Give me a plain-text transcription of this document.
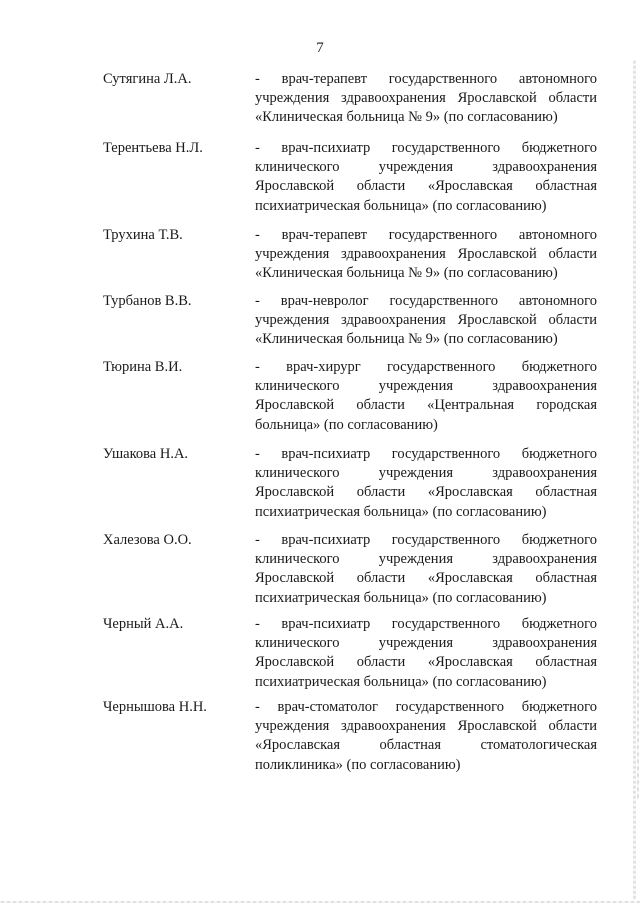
7
Сутягина Л.А.	- врач-терапевт государственного автономного учреждения здравоохранения Ярославской области «Клиническая больница № 9» (по согласованию)
Терентьева Н.Л.	- врач-психиатр государственного бюджетного клинического учреждения здравоохранения Ярославской области «Ярославская областная психиатрическая больница» (по согласованию)
Трухина Т.В.	- врач-терапевт государственного автономного учреждения здравоохранения Ярославской области «Клиническая больница № 9» (по согласованию)
Турбанов В.В.	- врач-невролог государственного автономного учреждения здравоохранения Ярославской области «Клиническая больница № 9» (по согласованию)
Тюрина В.И.	- врач-хирург государственного бюджетного клинического учреждения здравоохранения Ярославской области «Центральная городская больница» (по согласованию)
Ушакова Н.А.	- врач-психиатр государственного бюджетного клинического учреждения здравоохранения Ярославской области «Ярославская областная психиатрическая больница» (по согласованию)
Халезова О.О.	- врач-психиатр государственного бюджетного клинического учреждения здравоохранения Ярославской области «Ярославская областная психиатрическая больница» (по согласованию)
Черный А.А.	- врач-психиатр государственного бюджетного клинического учреждения здравоохранения Ярославской области «Ярославская областная психиатрическая больница» (по согласованию)
Чернышова Н.Н.	- врач-стоматолог государственного бюджетного учреждения здравоохранения Ярославской области «Ярославская областная стоматологическая поликлиника» (по согласованию)
